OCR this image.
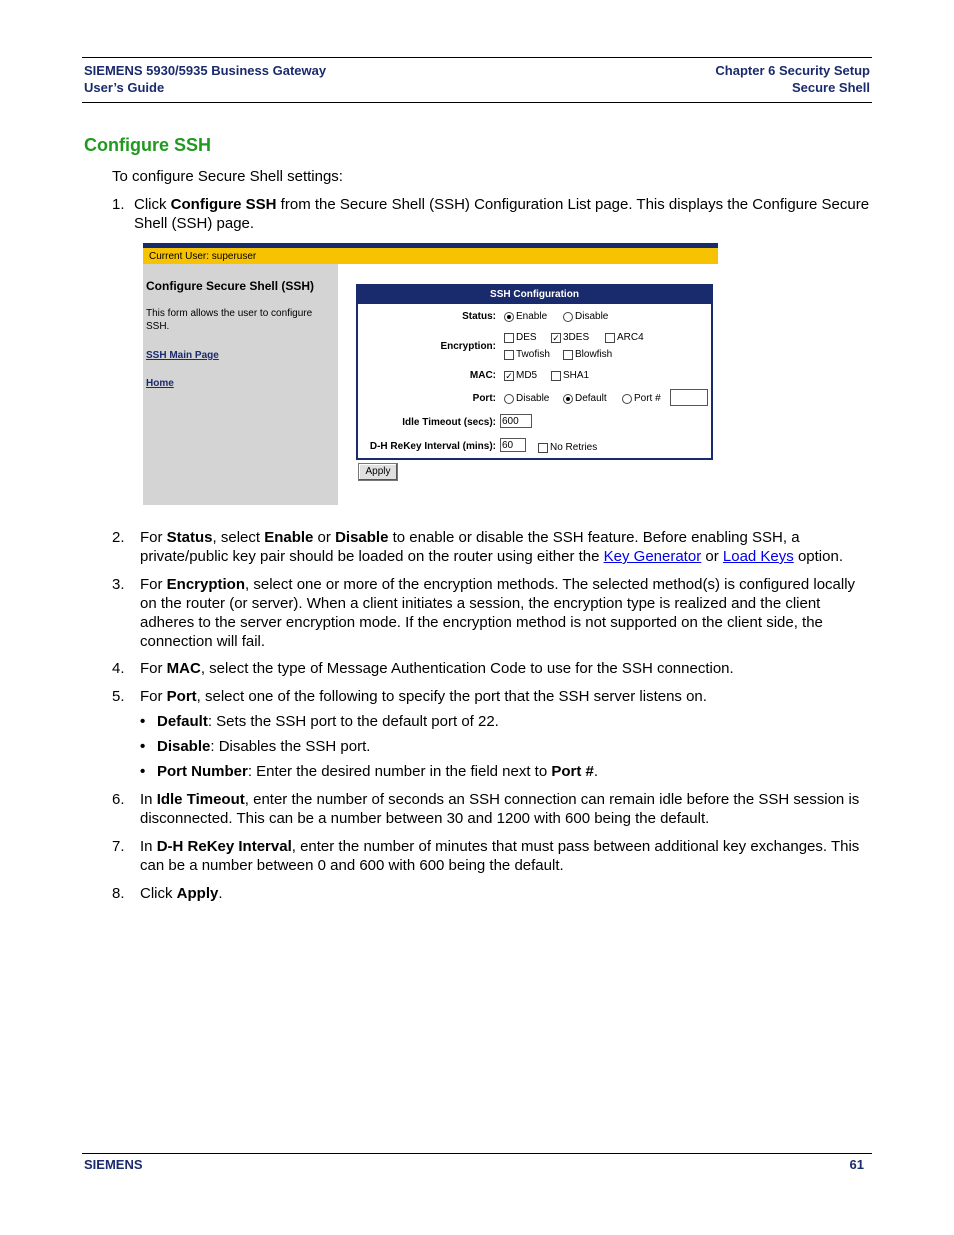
SIEMENS 5930/5935 Business Gateway
User’s Guide
Chapter 6 Security Setup
Secure Shell
Configure SSH
To configure Secure Shell settings:
1. Click Configure SSH from the Secure Shell (SSH) Configuration List page. This displays the Configure Secure Shell (SSH) page.
Current User: superuser
Configure Secure Shell (SSH)
This form allows the user to configure SSH.
SSH Main Page
Home
SSH Configuration
Status: Enable	Disable
Encryption:
DES ✓ 3DES	ARC4
Twofish	Blowfish
MAC: ✓ MD5	SHA1
Port: Disable	Default	Port #
Idle Timeout (secs): 600
D-H ReKey Interval (mins): 60	No Retries
Apply
2. For Status, select Enable or Disable to enable or disable the SSH feature. Before enabling SSH, a private/public key pair should be loaded on the router using either the Key Generator or Load Keys option.
3. For Encryption, select one or more of the encryption methods. The selected method(s) is configured locally on the router (or server). When a client initiates a session, the encryption type is realized and the client adheres to the server encryption mode. If the encryption method is not supported on the client side, the connection will fail.
4. For MAC, select the type of Message Authentication Code to use for the SSH connection.
5. For Port, select one of the following to specify the port that the SSH server listens on.
• Default: Sets the SSH port to the default port of 22.
• Disable: Disables the SSH port.
• Port Number: Enter the desired number in the field next to Port #.
6. In Idle Timeout, enter the number of seconds an SSH connection can remain idle before the SSH session is disconnected. This can be a number between 30 and 1200 with 600 being the default.
7. In D-H ReKey Interval, enter the number of minutes that must pass between additional key exchanges. This can be a number between 0 and 600 with 600 being the default.
8. Click Apply.
SIEMENS	61
